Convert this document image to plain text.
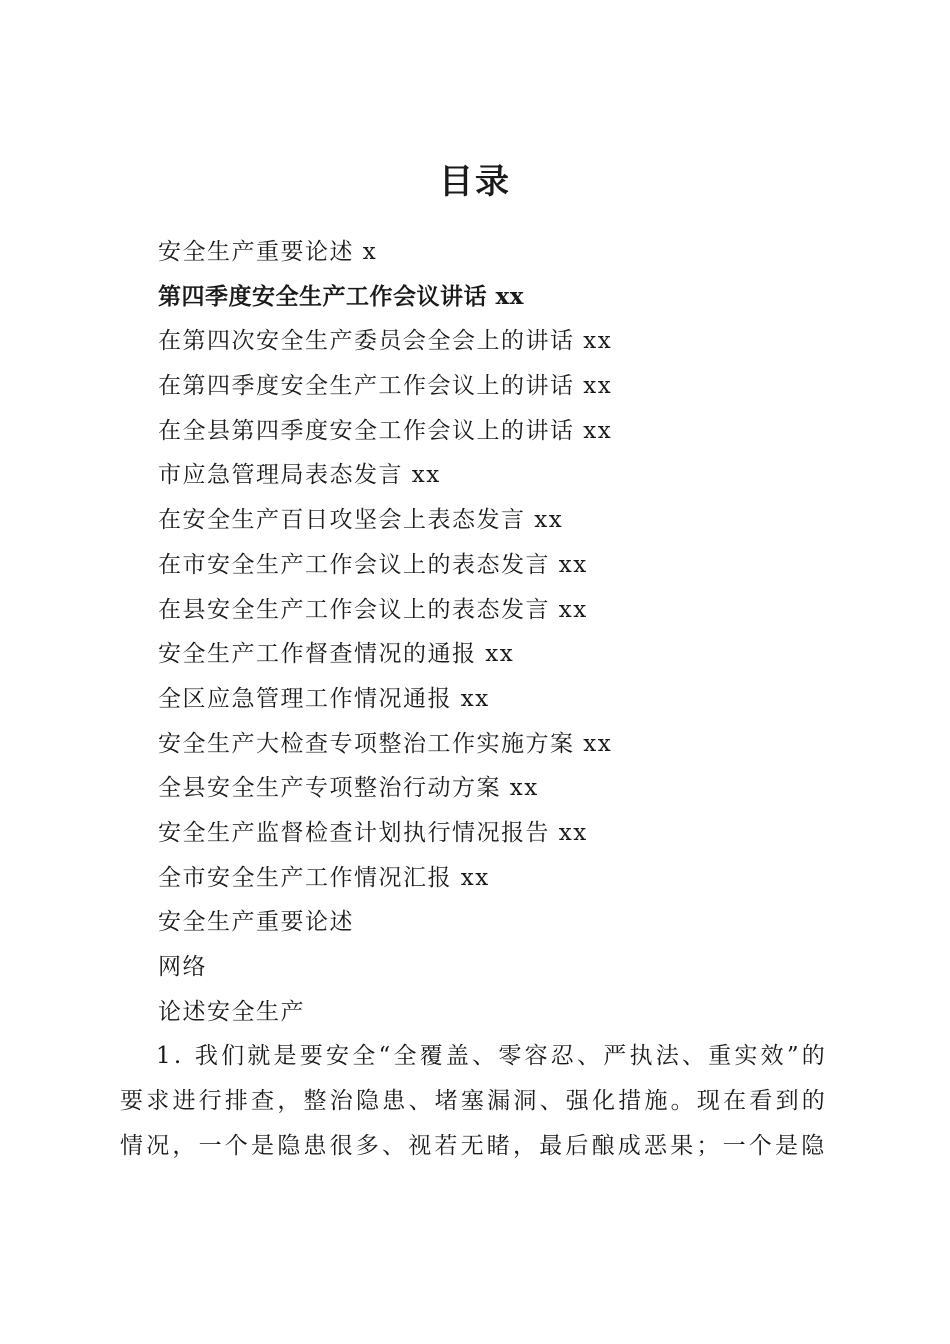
目录
安全生产重要论述 x
第四季度安全生产工作会议讲话 xx
在第四次安全生产委员会全会上的讲话 xx
在第四季度安全生产工作会议上的讲话 xx
在全县第四季度安全工作会议上的讲话 xx
市应急管理局表态发言 xx
在安全生产百日攻坚会上表态发言 xx
在市安全生产工作会议上的表态发言 xx
在县安全生产工作会议上的表态发言 xx
安全生产工作督查情况的通报 xx
全区应急管理工作情况通报 xx
安全生产大检查专项整治工作实施方案 xx
全县安全生产专项整治行动方案 xx
安全生产监督检查计划执行情况报告 xx
全市安全生产工作情况汇报 xx
安全生产重要论述
网络
论述安全生产

1. 我们就是要安全“全覆盖、零容忍、严执法、重实效”的要求进行排查，整治隐患、堵塞漏洞、强化措施。现在看到的情况，一个是隐患很多、视若无睹，最后酿成恶果；一个是隐
